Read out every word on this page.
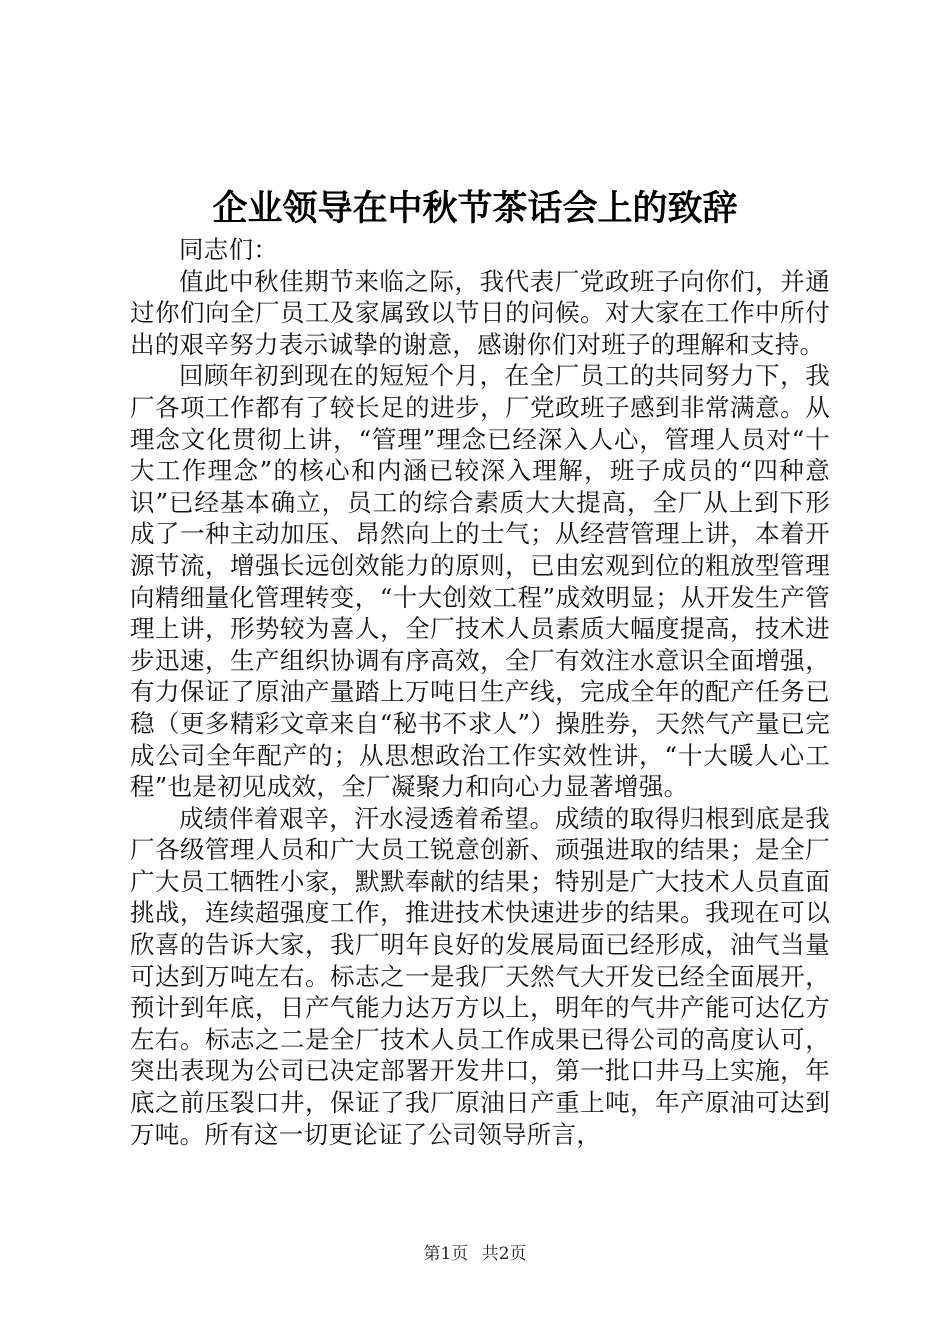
企业领导在中秋节茶话会上的致辞

同志们：

值此中秋佳期节来临之际，我代表厂党政班子向你们，并通过你们向全厂员工及家属致以节日的问候。对大家在工作中所付出的艰辛努力表示诚挚的谢意，感谢你们对班子的理解和支持。

回顾年初到现在的短短个月，在全厂员工的共同努力下，我厂各项工作都有了较长足的进步，厂党政班子感到非常满意。从理念文化贯彻上讲，“管理”理念已经深入人心，管理人员对“十大工作理念”的核心和内涵已较深入理解，班子成员的“四种意识”已经基本确立，员工的综合素质大大提高，全厂从上到下形成了一种主动加压、昂然向上的士气；从经营管理上讲，本着开源节流，增强长远创效能力的原则，已由宏观到位的粗放型管理向精细量化管理转变，“十大创效工程”成效明显；从开发生产管理上讲，形势较为喜人，全厂技术人员素质大幅度提高，技术进步迅速，生产组织协调有序高效，全厂有效注水意识全面增强，有力保证了原油产量踏上万吨日生产线，完成全年的配产任务已稳（更多精彩文章来自“秘书不求人”）操胜券，天然气产量已完成公司全年配产的；从思想政治工作实效性讲，“十大暖人心工程”也是初见成效，全厂凝聚力和向心力显著增强。

成绩伴着艰辛，汗水浸透着希望。成绩的取得归根到底是我厂各级管理人员和广大员工锐意创新、顽强进取的结果；是全厂广大员工牺牲小家，默默奉献的结果；特别是广大技术人员直面挑战，连续超强度工作，推进技术快速进步的结果。我现在可以欣喜的告诉大家，我厂明年良好的发展局面已经形成，油气当量可达到万吨左右。标志之一是我厂天然气大开发已经全面展开，预计到年底，日产气能力达万方以上，明年的气井产能可达亿方左右。标志之二是全厂技术人员工作成果已得公司的高度认可，突出表现为公司已决定部署开发井口，第一批口井马上实施，年底之前压裂口井，保证了我厂原油日产重上吨，年产原油可达到万吨。所有这一切更论证了公司领导所言，

第1页 共2页
